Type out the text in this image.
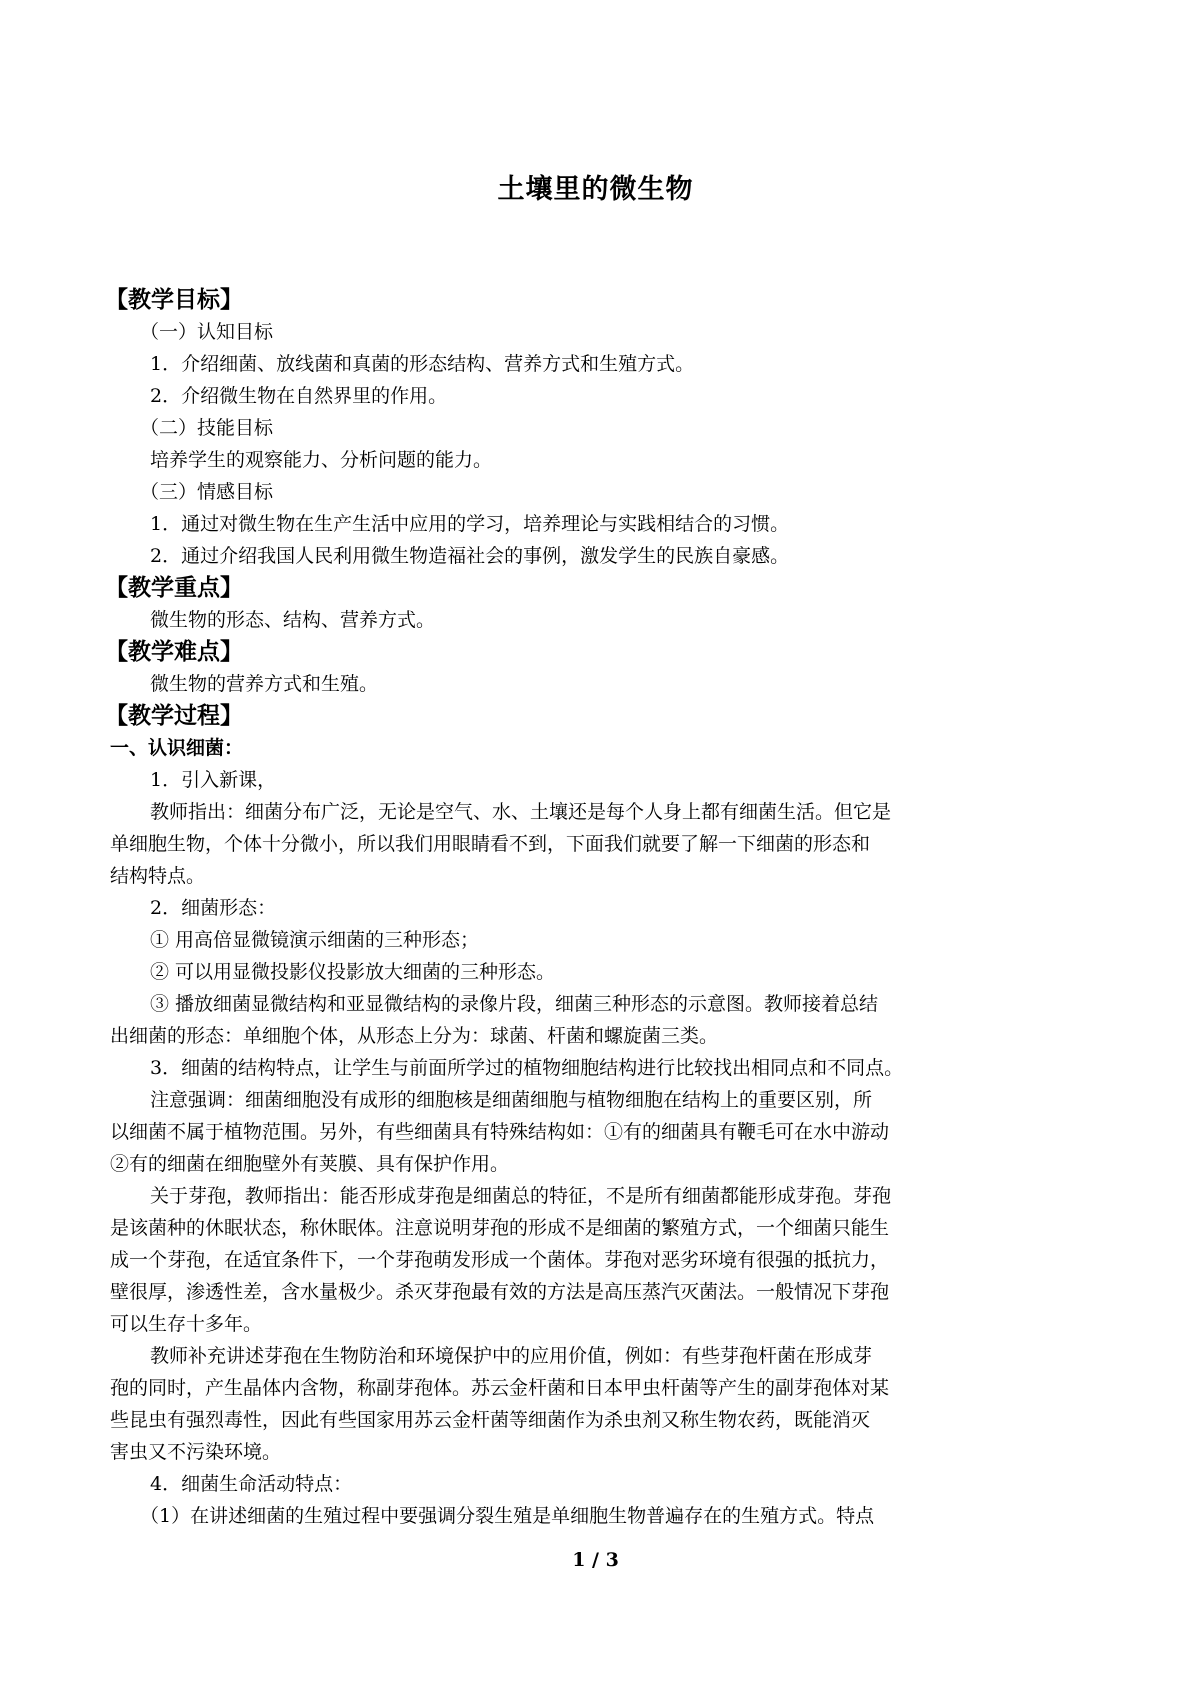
土壤里的微生物
【教学目标】
（一）认知目标
1．介绍细菌、放线菌和真菌的形态结构、营养方式和生殖方式。
2．介绍微生物在自然界里的作用。
（二）技能目标
培养学生的观察能力、分析问题的能力。
（三）情感目标
1．通过对微生物在生产生活中应用的学习，培养理论与实践相结合的习惯。
2．通过介绍我国人民利用微生物造福社会的事例，激发学生的民族自豪感。
【教学重点】
微生物的形态、结构、营养方式。
【教学难点】
微生物的营养方式和生殖。
【教学过程】
一、认识细菌：
1．引入新课，
教师指出：细菌分布广泛，无论是空气、水、土壤还是每个人身上都有细菌生活。但它是
单细胞生物，个体十分微小，所以我们用眼睛看不到，下面我们就要了解一下细菌的形态和
结构特点。
2．细菌形态：
① 用高倍显微镜演示细菌的三种形态；
② 可以用显微投影仪投影放大细菌的三种形态。
③ 播放细菌显微结构和亚显微结构的录像片段，细菌三种形态的示意图。教师接着总结
出细菌的形态：单细胞个体，从形态上分为：球菌、杆菌和螺旋菌三类。
3．细菌的结构特点，让学生与前面所学过的植物细胞结构进行比较找出相同点和不同点。
注意强调：细菌细胞没有成形的细胞核是细菌细胞与植物细胞在结构上的重要区别，所
以细菌不属于植物范围。另外，有些细菌具有特殊结构如：①有的细菌具有鞭毛可在水中游动
②有的细菌在细胞壁外有荚膜、具有保护作用。
关于芽孢，教师指出：能否形成芽孢是细菌总的特征，不是所有细菌都能形成芽孢。芽孢
是该菌种的休眠状态，称休眠体。注意说明芽孢的形成不是细菌的繁殖方式，一个细菌只能生
成一个芽孢，在适宜条件下，一个芽孢萌发形成一个菌体。芽孢对恶劣环境有很强的抵抗力，
壁很厚，渗透性差，含水量极少。杀灭芽孢最有效的方法是高压蒸汽灭菌法。一般情况下芽孢
可以生存十多年。
教师补充讲述芽孢在生物防治和环境保护中的应用价值，例如：有些芽孢杆菌在形成芽
孢的同时，产生晶体内含物，称副芽孢体。苏云金杆菌和日本甲虫杆菌等产生的副芽孢体对某
些昆虫有强烈毒性，因此有些国家用苏云金杆菌等细菌作为杀虫剂又称生物农药，既能消灭
害虫又不污染环境。
4．细菌生命活动特点：
（1）在讲述细菌的生殖过程中要强调分裂生殖是单细胞生物普遍存在的生殖方式。特点
1 / 3
